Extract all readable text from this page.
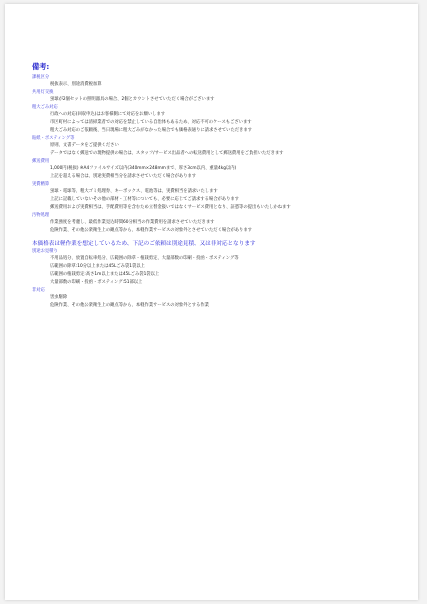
備考:
課税区分
税抜表示、別途消費税加算
共用灯交換
蛍球が2個セットの照明器具の場合、2個とカウントさせていただく場合がございます
粗大ごみ対応
行政への対応(回収申込)はお客様側にて対応をお願いします
市区町村によっては清掃業者での対応を禁止している自治体もあるため、対応不可のケースもございます
粗大ごみ対応のご依頼後、当日現場に粗大ごみがなかった場合でも価格表通りに請求させていただきます
貼紙・ポスティング等
原則、文書データをご提供ください
データではなく郵送での現物提供の場合は、スタッフ/サービス出品者への転送費用として郵送費用をご負担いただきます
郵送費用
1,000円(税抜) ※A4ファイルサイズ以内(340mm×248mmまで、厚さ3cm以内、重量4kg以内)
上記を超える場合は、別途実費相当分を請求させていただく場合があります
実費精算
蛍球・電球等、粗大ゴミ処理券、キーボックス、電池等は、実費相当を請求いたします
上記に記載していないその他の部材・工材等についても、必要に応じてご請求する場合があります
郵送費用および実費相当は、手配費用等を含むため立替金扱いではなくサービス費用となり、証憑等の提出もいたしかねます
汚物処理
作業強度を考慮し、最低作業見込時間60分相当の作業費用を請求させていただきます
危険作業、その他公衆衛生上の観点等から、本軽作業サービスの対象外とさせていただく場合があります
本価格表は軽作業を想定しているため、下記のご依頼は別途見積、又は非対応となります
別途お見積り
不用品処分、放置自転車処分、広範囲の除草・植栽剪定、大量部数の印刷・投函・ポスティング等
広範囲の除草:10分以上または45Lごみ袋1袋以上
広範囲の植栽剪定:高さ1m以上または45Lごみ袋1袋以上
大量部数の印刷・投函・ポスティング:51部以上
非対応
害虫駆除
危険作業、その他公衆衛生上の観点等から、本軽作業サービスの対象外とする作業
